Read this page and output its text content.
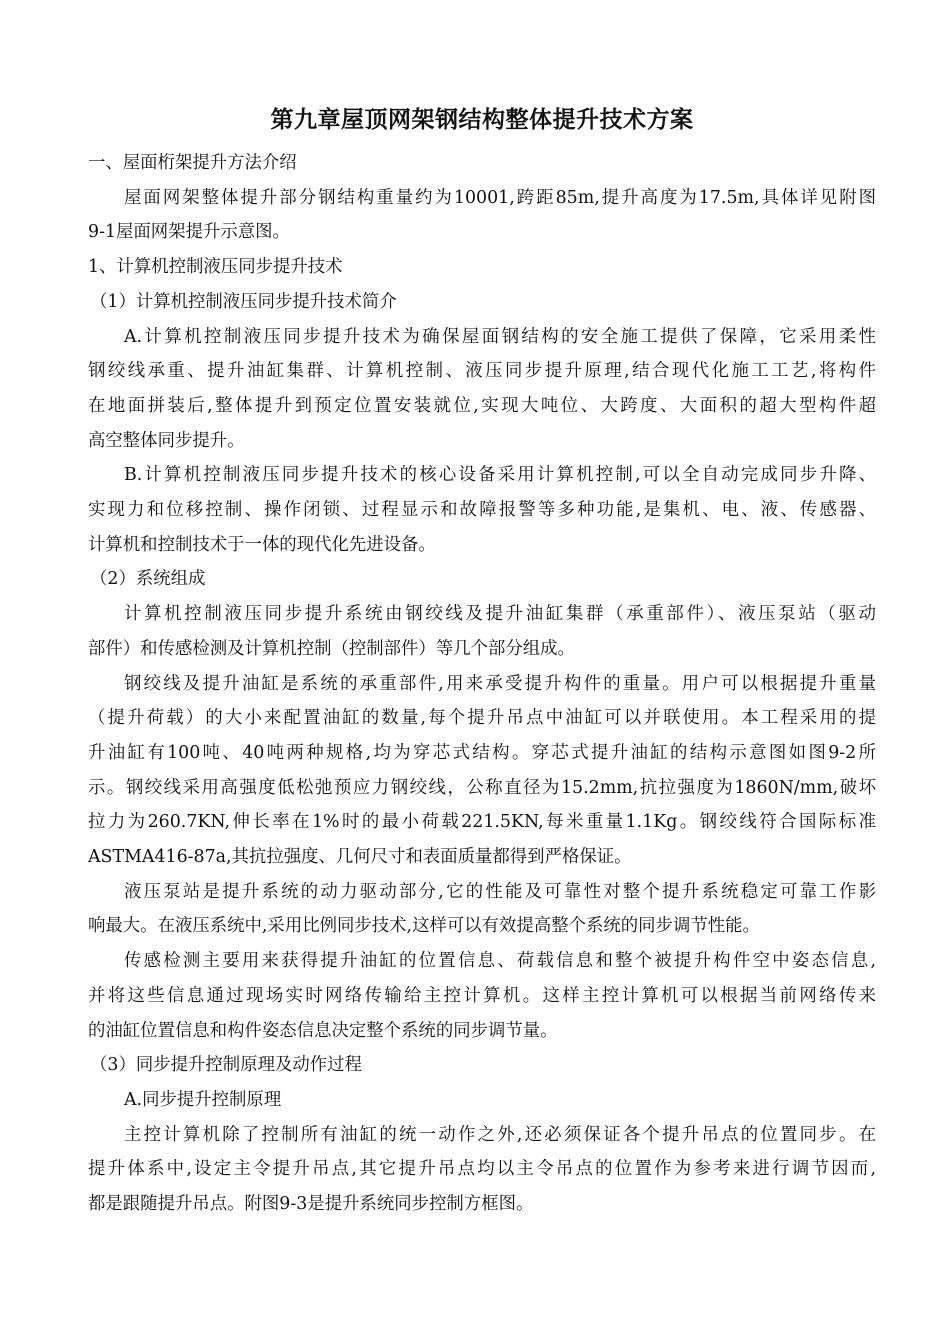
第九章屋顶网架钢结构整体提升技术方案
一、屋面桁架提升方法介绍
屋面网架整体提升部分钢结构重量约为10001,跨距85m,提升高度为17.5m,具体详见附图
9-1屋面网架提升示意图。
1、计算机控制液压同步提升技术
（1）计算机控制液压同步提升技术简介
A.计算机控制液压同步提升技术为确保屋面钢结构的安全施工提供了保障，它采用柔性
钢绞线承重、提升油缸集群、计算机控制、液压同步提升原理,结合现代化施工工艺,将构件
在地面拼装后,整体提升到预定位置安装就位,实现大吨位、大跨度、大面积的超大型构件超
高空整体同步提升。
B.计算机控制液压同步提升技术的核心设备采用计算机控制,可以全自动完成同步升降、
实现力和位移控制、操作闭锁、过程显示和故障报警等多种功能,是集机、电、液、传感器、
计算机和控制技术于一体的现代化先进设备。
（2）系统组成
计算机控制液压同步提升系统由钢绞线及提升油缸集群（承重部件）、液压泵站（驱动
部件）和传感检测及计算机控制（控制部件）等几个部分组成。
钢绞线及提升油缸是系统的承重部件,用来承受提升构件的重量。用户可以根据提升重量
（提升荷载）的大小来配置油缸的数量,每个提升吊点中油缸可以并联使用。本工程采用的提
升油缸有100吨、40吨两种规格,均为穿芯式结构。穿芯式提升油缸的结构示意图如图9-2所
示。钢绞线采用高强度低松弛预应力钢绞线，公称直径为15.2mm,抗拉强度为1860N/mm,破坏
拉力为260.7KN,伸长率在1%时的最小荷载221.5KN,每米重量1.1Kg。钢绞线符合国际标准
ASTMA416-87a,其抗拉强度、几何尺寸和表面质量都得到严格保证。
液压泵站是提升系统的动力驱动部分,它的性能及可靠性对整个提升系统稳定可靠工作影
响最大。在液压系统中,采用比例同步技术,这样可以有效提高整个系统的同步调节性能。
传感检测主要用来获得提升油缸的位置信息、荷载信息和整个被提升构件空中姿态信息,
并将这些信息通过现场实时网络传输给主控计算机。这样主控计算机可以根据当前网络传来
的油缸位置信息和构件姿态信息决定整个系统的同步调节量。
（3）同步提升控制原理及动作过程
A.同步提升控制原理
主控计算机除了控制所有油缸的统一动作之外,还必须保证各个提升吊点的位置同步。在
提升体系中,设定主令提升吊点,其它提升吊点均以主令吊点的位置作为参考来进行调节因而,
都是跟随提升吊点。附图9-3是提升系统同步控制方框图。
